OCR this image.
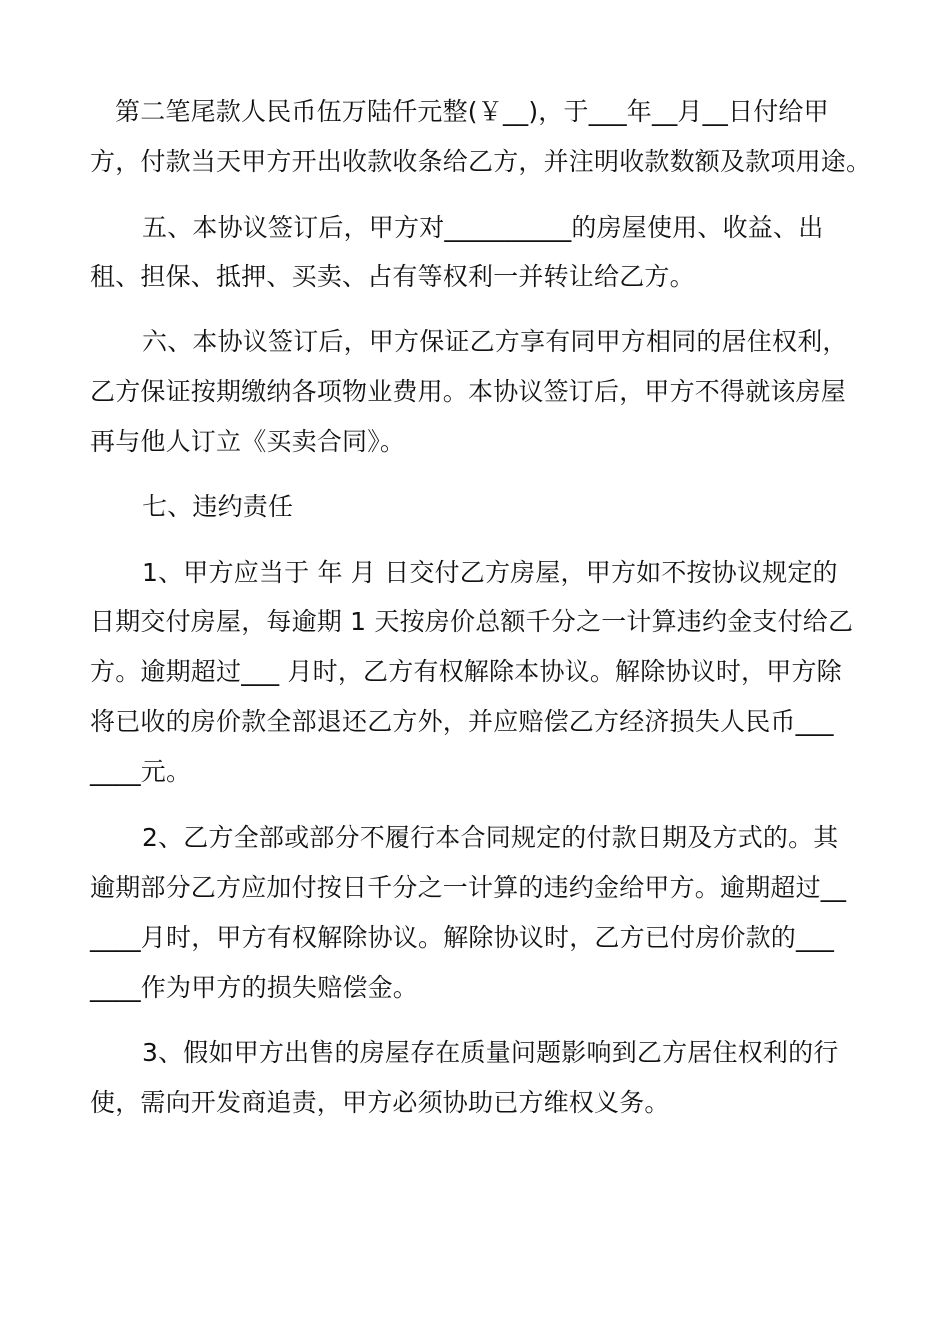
第二笔尾款人民币伍万陆仟元整(￥__)，于___年__月__日付给甲
方，付款当天甲方开出收款收条给乙方，并注明收款数额及款项用途。
五、本协议签订后，甲方对__________的房屋使用、收益、出
租、担保、抵押、买卖、占有等权利一并转让给乙方。
六、本协议签订后，甲方保证乙方享有同甲方相同的居住权利，
乙方保证按期缴纳各项物业费用。本协议签订后，甲方不得就该房屋
再与他人订立《买卖合同》。
七、违约责任
1、甲方应当于 年 月 日交付乙方房屋，甲方如不按协议规定的
日期交付房屋，每逾期 1 天按房价总额千分之一计算违约金支付给乙
方。逾期超过___ 月时，乙方有权解除本协议。解除协议时，甲方除
将已收的房价款全部退还乙方外，并应赔偿乙方经济损失人民币___
____元。
2、乙方全部或部分不履行本合同规定的付款日期及方式的。其
逾期部分乙方应加付按日千分之一计算的违约金给甲方。逾期超过__
____月时，甲方有权解除协议。解除协议时，乙方已付房价款的___
____作为甲方的损失赔偿金。
3、假如甲方出售的房屋存在质量问题影响到乙方居住权利的行
使，需向开发商追责，甲方必须协助已方维权义务。
